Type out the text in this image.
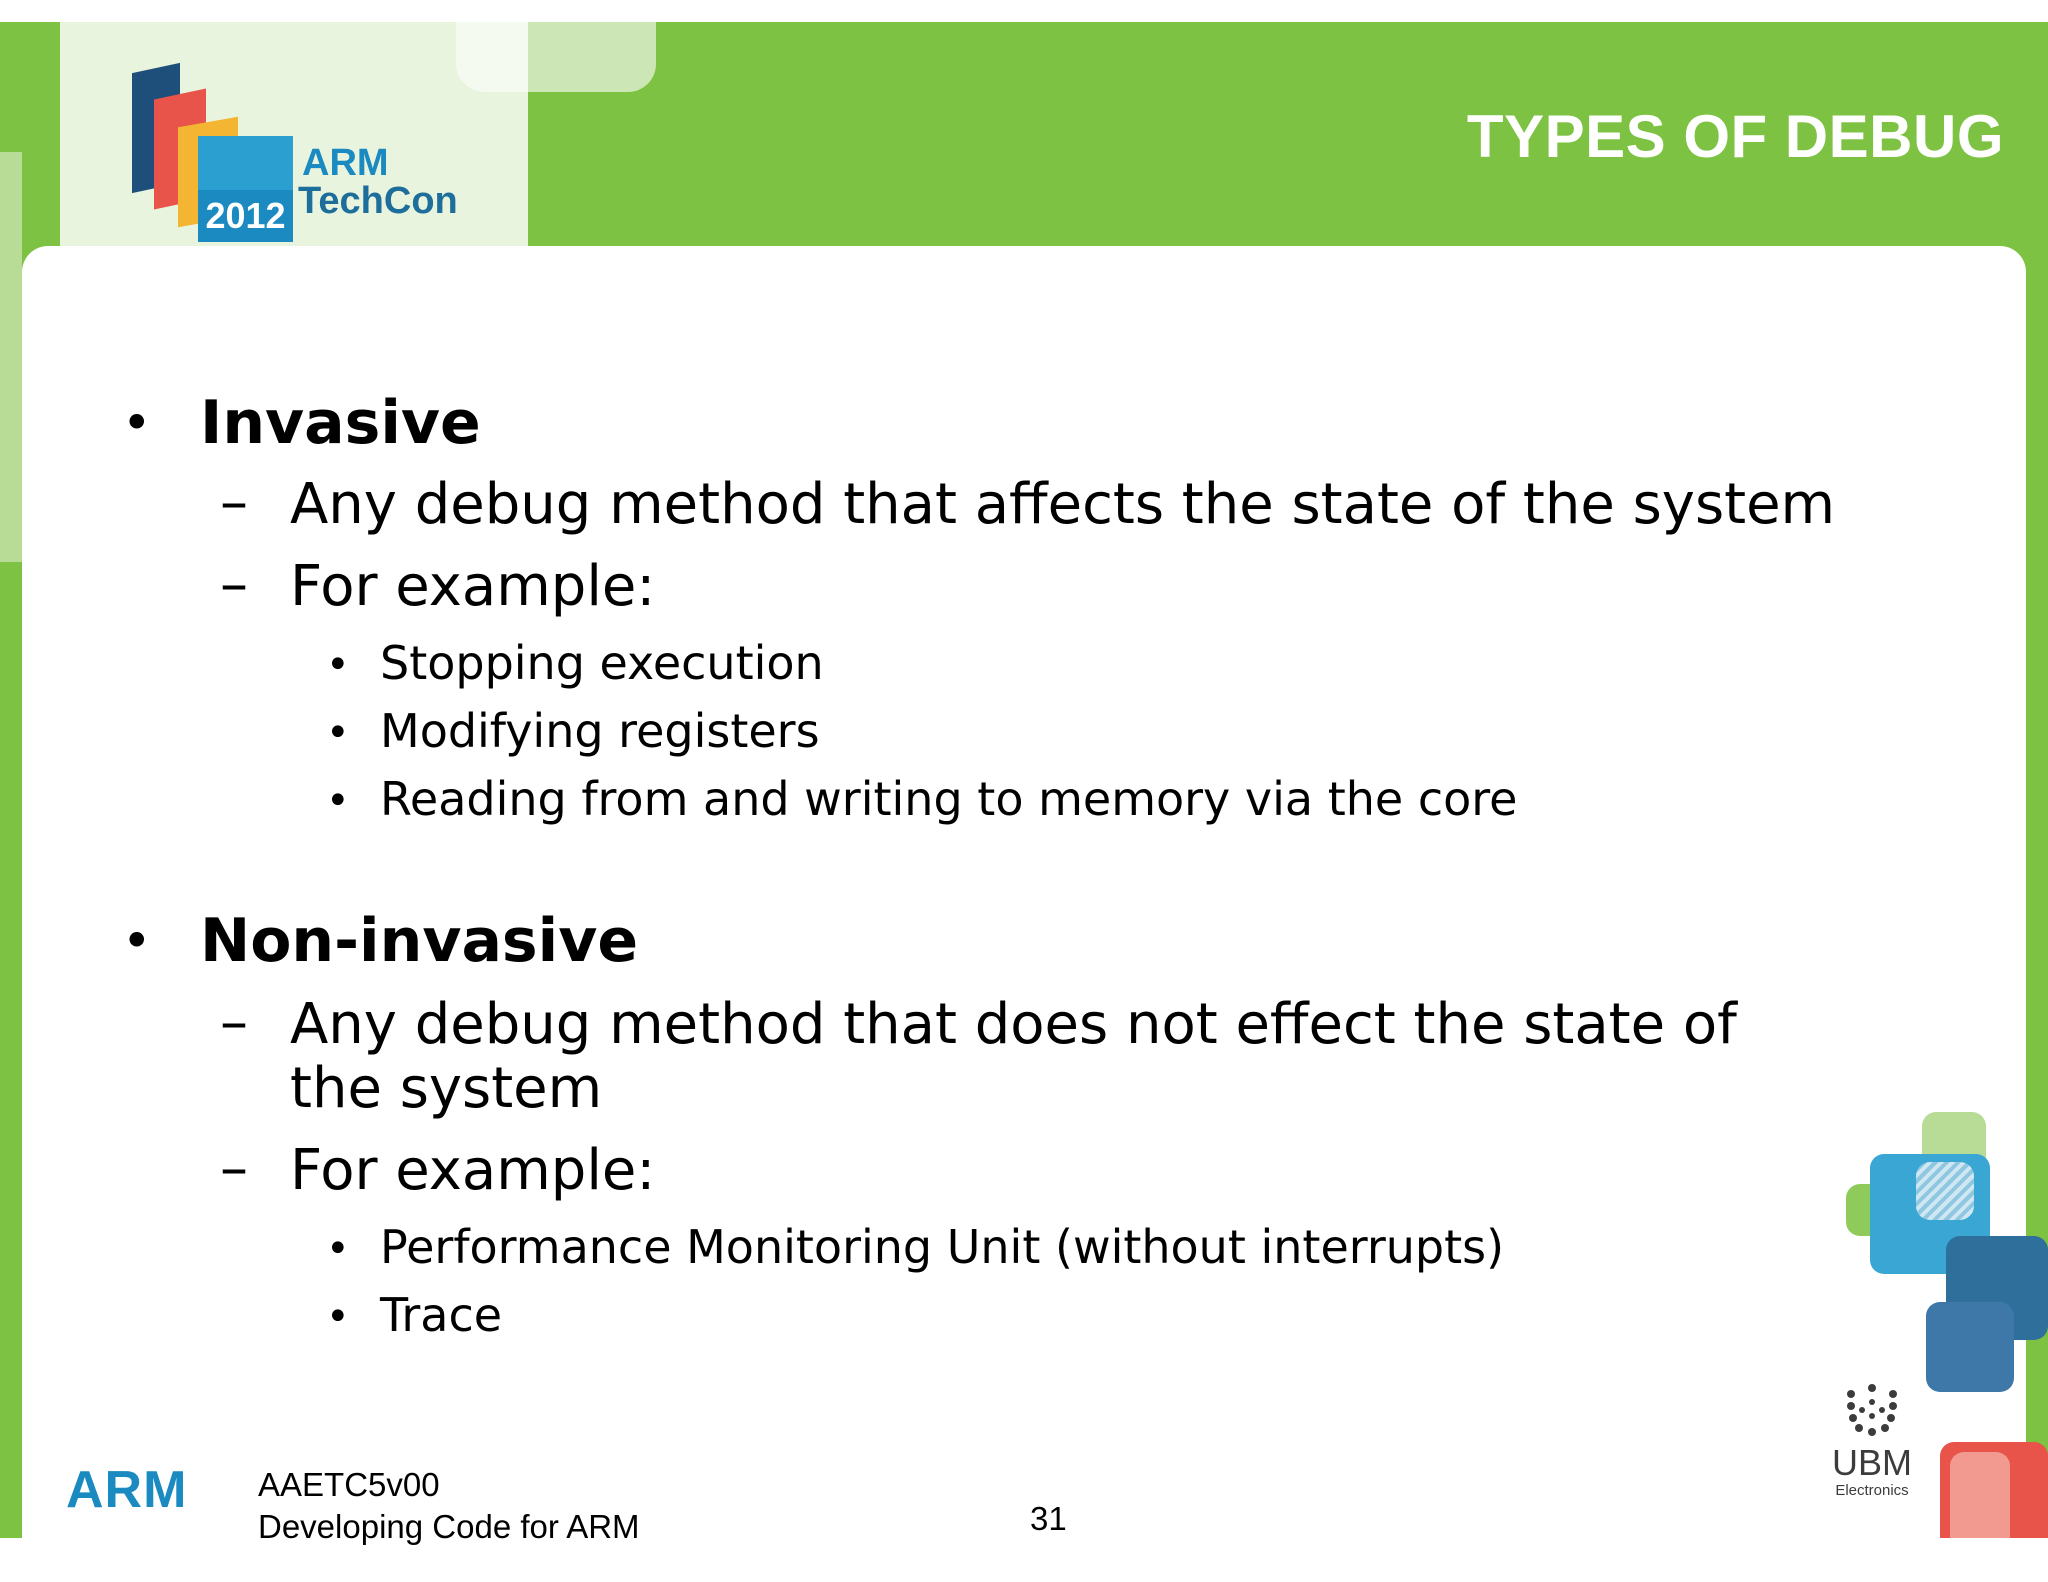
2012
ARM
TechCon
TYPES OF DEBUG
• Invasive
– Any debug method that affects the state of the system
– For example:
• Stopping execution
• Modifying registers
• Reading from and writing to memory via the core
• Non-invasive
– Any debug method that does not effect the state of
the system
– For example:
• Performance Monitoring Unit (without interrupts)
• Trace
ARM AAETC5v00
Developing Code for ARM	31
UBM
Electronics
